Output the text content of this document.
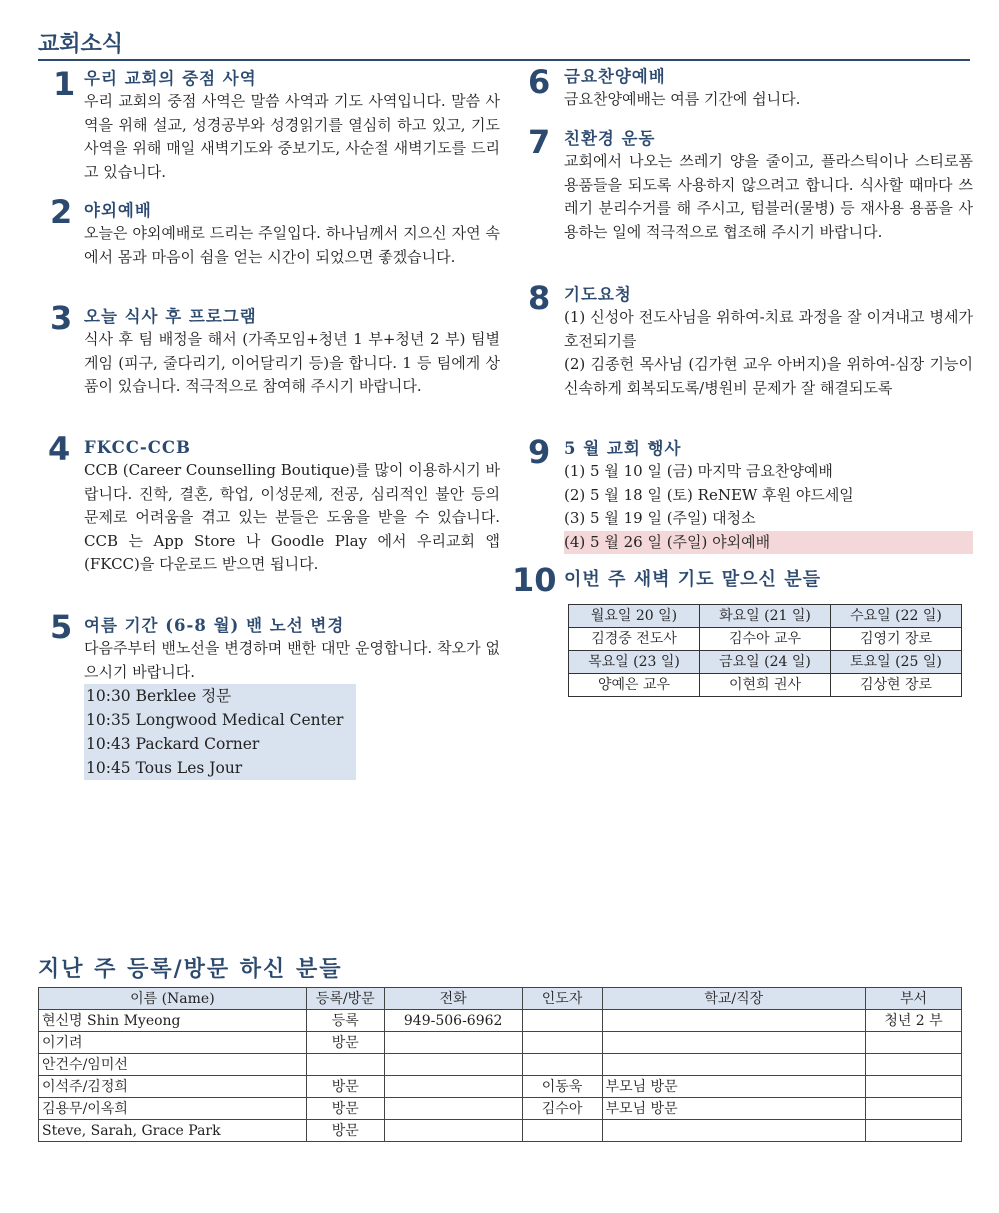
교회소식
1 우리 교회의 중점 사역
우리 교회의 중점 사역은 말씀 사역과 기도 사역입니다. 말씀 사역을 위해 설교, 성경공부와 성경읽기를 열심히 하고 있고, 기도 사역을 위해 매일 새벽기도와 중보기도, 사순절 새벽기도를 드리고 있습니다.
2 야외예배
오늘은 야외예배로 드리는 주일입다. 하나님께서 지으신 자연 속에서 몸과 마음이 쉼을 얻는 시간이 되었으면 좋겠습니다.
3 오늘 식사 후 프로그램
식사 후 팀 배정을 해서 (가족모임+청년 1 부+청년 2 부) 팀별 게임 (피구, 줄다리기, 이어달리기 등)을 합니다. 1 등 팀에게 상품이 있습니다. 적극적으로 참여해 주시기 바랍니다.
4 FKCC-CCB
CCB (Career Counselling Boutique)를 많이 이용하시기 바랍니다. 진학, 결혼, 학업, 이성문제, 전공, 심리적인 불안 등의 문제로 어려움을 겪고 있는 분들은 도움을 받을 수 있습니다. CCB 는 App Store 나 Goodle Play 에서 우리교회 앱 (FKCC)을 다운로드 받으면 됩니다.
5 여름 기간 (6-8 월) 밴 노선 변경
다음주부터 밴노선을 변경하며 밴한 대만 운영합니다. 착오가 없으시기 바랍니다.
10:30 Berklee 정문
10:35 Longwood Medical Center
10:43 Packard Corner
10:45 Tous Les Jour
6 금요찬양예배
금요찬양예배는 여름 기간에 쉽니다.
7 친환경 운동
교회에서 나오는 쓰레기 양을 줄이고, 플라스틱이나 스티로폼 용품들을 되도록 사용하지 않으려고 합니다. 식사할 때마다 쓰레기 분리수거를 해 주시고, 텀블러(물병) 등 재사용 용품을 사용하는 일에 적극적으로 협조해 주시기 바랍니다.
8 기도요청
(1) 신성아 전도사님을 위하여-치료 과정을 잘 이겨내고 병세가 호전되기를
(2) 김종헌 목사님 (김가현 교우 아버지)을 위하여-심장 기능이 신속하게 회복되도록/병원비 문제가 잘 해결되도록
9 5 월 교회 행사
(1) 5 월 10 일 (금) 마지막 금요찬양예배
(2) 5 월 18 일 (토) ReNEW 후원 야드세일
(3) 5 월 19 일 (주일) 대청소
(4) 5 월 26 일 (주일) 야외예배
10 이번 주 새벽 기도 맡으신 분들
월요일 20 일)	화요일 (21 일)	수요일 (22 일)
김경중 전도사	김수아 교우	김영기 장로
목요일 (23 일)	금요일 (24 일)	토요일 (25 일)
양예은 교우	이현희 권사	김상현 장로
지난 주 등록/방문 하신 분들
이름 (Name)	등록/방문	전화	인도자	학교/직장	부서
현신명 Shin Myeong	등록	949-506-6962			청년 2 부
이기려	방문				
안건수/임미선					
이석주/김정희	방문		이동욱	부모님 방문	
김용무/이옥희	방문		김수아	부모님 방문	
Steve, Sarah, Grace Park	방문				
